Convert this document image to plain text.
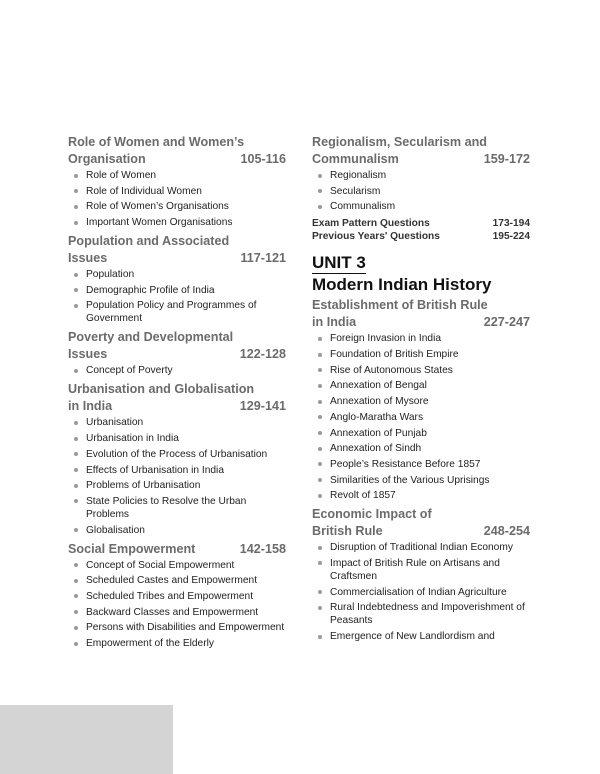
Role of Women and Women’s
Organisation	105-116
Role of Women
Role of Individual Women
Role of Women’s Organisations
Important Women Organisations
Population and Associated
Issues	117-121
Population
Demographic Profile of India
Population Policy and Programmes of Government
Poverty and Developmental
Issues	122-128
Concept of Poverty
Urbanisation and Globalisation
in India	129-141
Urbanisation
Urbanisation in India
Evolution of the Process of Urbanisation
Effects of Urbanisation in India
Problems of Urbanisation
State Policies to Resolve the Urban Problems
Globalisation
Social Empowerment	142-158
Concept of Social Empowerment
Scheduled Castes and Empowerment
Scheduled Tribes and Empowerment
Backward Classes and Empowerment
Persons with Disabilities and Empowerment
Empowerment of the Elderly
Regionalism, Secularism and
Communalism	159-172
Regionalism
Secularism
Communalism
Exam Pattern Questions	173-194
Previous Years' Questions	195-224
UNIT 3
Modern Indian History
Establishment of British Rule
in India	227-247
Foreign Invasion in India
Foundation of British Empire
Rise of Autonomous States
Annexation of Bengal
Annexation of Mysore
Anglo-Maratha Wars
Annexation of Punjab
Annexation of Sindh
People’s Resistance Before 1857
Similarities of the Various Uprisings
Revolt of 1857
Economic Impact of
British Rule	248-254
Disruption of Traditional Indian Economy
Impact of British Rule on Artisans and Craftsmen
Commercialisation of Indian Agriculture
Rural Indebtedness and Impoverishment of Peasants
Emergence of New Landlordism and
